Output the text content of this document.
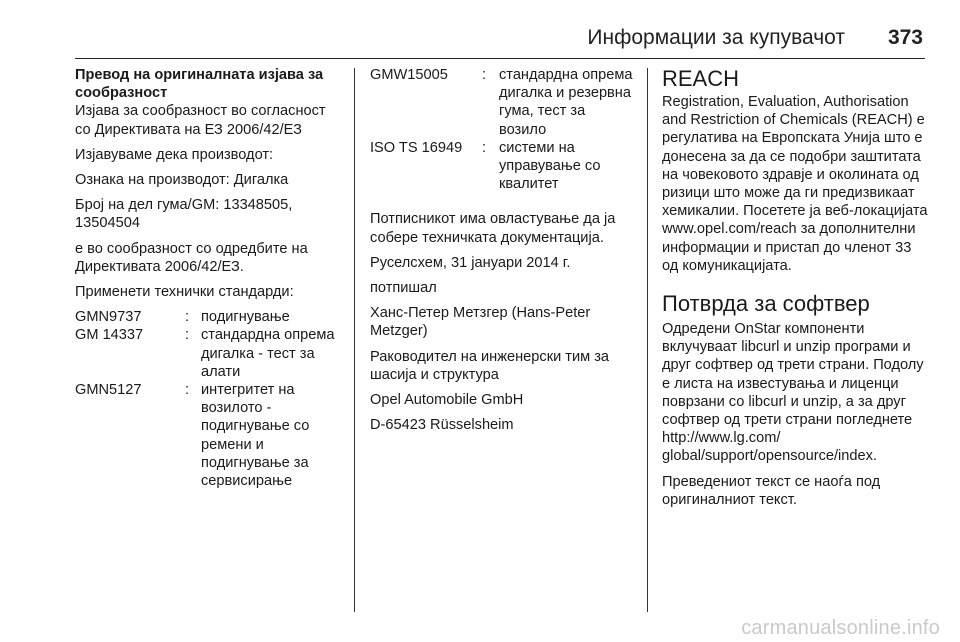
Информации за купувачот 373

Превод на оригиналната изјава за сообразност

Изјава за сообразност во согласност со Директивата на ЕЗ 2006/42/ЕЗ

Изјавуваме дека производот:

Ознака на производот: Дигалка

Број на дел гума/GM: 13348505, 13504504

е во сообразност со одредбите на Директивата 2006/42/ЕЗ.

Применети технички стандарди:

GMN9737	:	подигнување
GM 14337	:	стандардна опрема дигалка - тест за алати
GMN5127	:	интегритет на возилото - подигнување со ремени и подигнување за сервисирање
GMW15005	:	стандардна опрема дигалка и резервна гума, тест за возило
ISO TS 16949	:	системи на управување со квалитет

Потписникот има овластување да ја собере техничката документација.

Руселсхем, 31 јануари 2014 г.

потпишал

Ханс-Петер Метзгер (Hans-Peter Metzger)

Раководител на инженерски тим за шасија и структура

Opel Automobile GmbH

D-65423 Rüsselsheim

REACH

Registration, Evaluation, Authorisation and Restriction of Chemicals (REACH) е регулатива на Европската Унија што е донесена за да се подобри заштитата на човековото здравје и околината од ризици што може да ги предизвикаат хемикалии. Посетете ја веб-локацијата www.opel.com/reach за дополнителни информации и пристап до членот 33 од комуникацијата.

Потврда за софтвер

Одредени OnStar компоненти вклучуваат libcurl и unzip програми и друг софтвер од трети страни. Подолу е листа на известувања и лиценци поврзани со libcurl и unzip, а за друг софтвер од трети страни погледнете http://www.lg.com/ global/support/opensource/index.

Преведениот текст се наоѓа под оригиналниот текст.

carmanualsonline.info
